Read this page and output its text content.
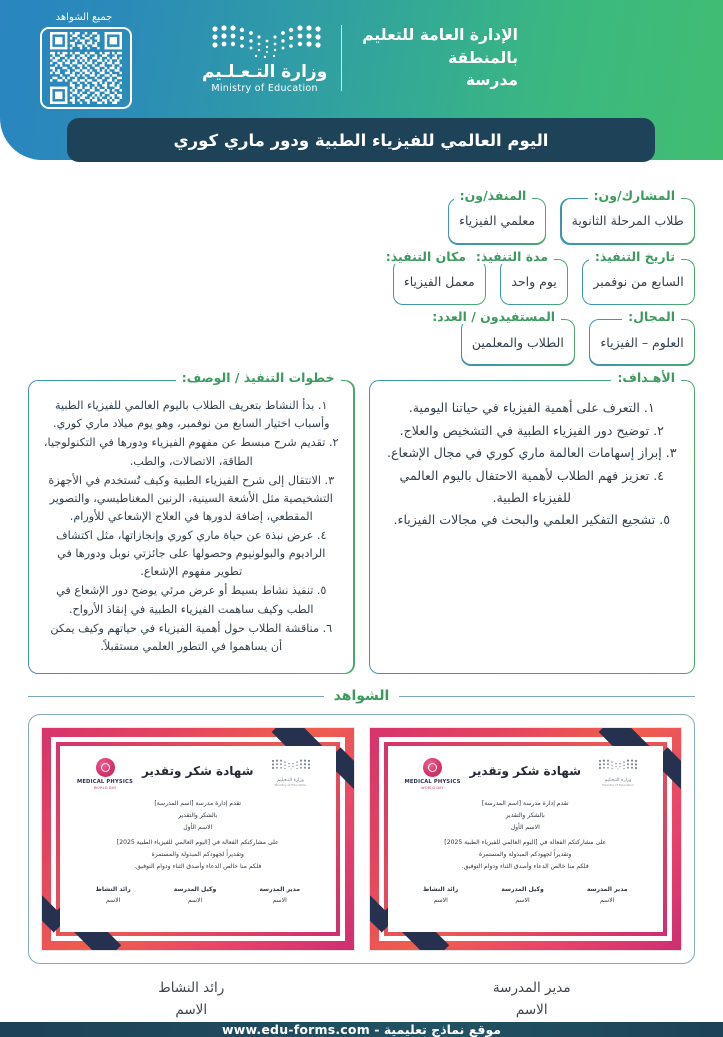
الإدارة العامة للتعليم
بالمنطقة
مدرسة
وزارة التـعـلـيم
Ministry of Education
جميع الشواهد
اليوم العالمي للفيزياء الطبية ودور ماري كوري
المشارك/ون:
طلاب المرحلة الثانوية
المنفذ/ون:
معلمي الفيزياء
تاريخ التنفيذ:
السابع من نوفمبر
مدة التنفيذ:
يوم واحد
مكان التنفيذ:
معمل الفيزياء
المجال:
العلوم – الفيزياء
المستفيدون / العدد:
الطلاب والمعلمين
الأهـداف:
١. التعرف على أهمية الفيزياء في حياتنا اليومية.
٢. توضيح دور الفيزياء الطبية في التشخيص والعلاج.
٣. إبراز إسهامات العالمة ماري كوري في مجال الإشعاع.
٤. تعزيز فهم الطلاب لأهمية الاحتفال باليوم العالمي للفيزياء الطبية.
٥. تشجيع التفكير العلمي والبحث في مجالات الفيزياء.
خطوات التنفيذ / الوصف:
١. بدأ النشاط بتعريف الطلاب باليوم العالمي للفيزياء الطبية وأسباب اختيار السابع من نوفمبر، وهو يوم ميلاد ماري كوري.
٢. تقديم شرح مبسط عن مفهوم الفيزياء ودورها في التكنولوجيا، الطاقة، الاتصالات، والطب.
٣. الانتقال إلى شرح الفيزياء الطبية وكيف تُستخدم في الأجهزة التشخيصية مثل الأشعة السينية، الرنين المغناطيسي، والتصوير المقطعي، إضافة لدورها في العلاج الإشعاعي للأورام.
٤. عرض نبذة عن حياة ماري كوري وإنجازاتها، مثل اكتشاف الراديوم والبولونيوم وحصولها على جائزتي نوبل ودورها في تطوير مفهوم الإشعاع.
٥. تنفيذ نشاط بسيط أو عرض مرئي يوضح دور الإشعاع في الطب وكيف ساهمت الفيزياء الطبية في إنقاذ الأرواح.
٦. مناقشة الطلاب حول أهمية الفيزياء في حياتهم وكيف يمكن أن يساهموا في التطور العلمي مستقبلاً.
الشواهد
وزارة التـعـليم
Ministry of Education
شهادة شكر وتقدير
MEDICAL PHYSICS
WORLD DAY

تقدم إدارة مدرسة [اسم المدرسة]

بالشكر والتقدير

الاسم الأول

على مشاركتكم الفعالة في [اليوم العالمي للفيزياء الطبية 2025]

وتقديراً لجهودكم المبذولة والمستمرة

فلكم منا خالص الدعاء وأصدق الثناء ودوام التوفيق.

مدير المدرسة
الاسم
وكيل المدرسة
الاسم
رائد النشاط
الاسم
وزارة التـعـليم
Ministry of Education
شهادة شكر وتقدير
MEDICAL PHYSICS
WORLD DAY

تقدم إدارة مدرسة [اسم المدرسة]

بالشكر والتقدير

الاسم الأول

على مشاركتكم الفعالة في [اليوم العالمي للفيزياء الطبية 2025]

وتقديراً لجهودكم المبذولة والمستمرة

فلكم منا خالص الدعاء وأصدق الثناء ودوام التوفيق.

مدير المدرسة
الاسم
وكيل المدرسة
الاسم
رائد النشاط
الاسم
مدير المدرسة
الاسم
رائد النشاط
الاسم
موقع نماذج تعليمية - www.edu-forms.com
